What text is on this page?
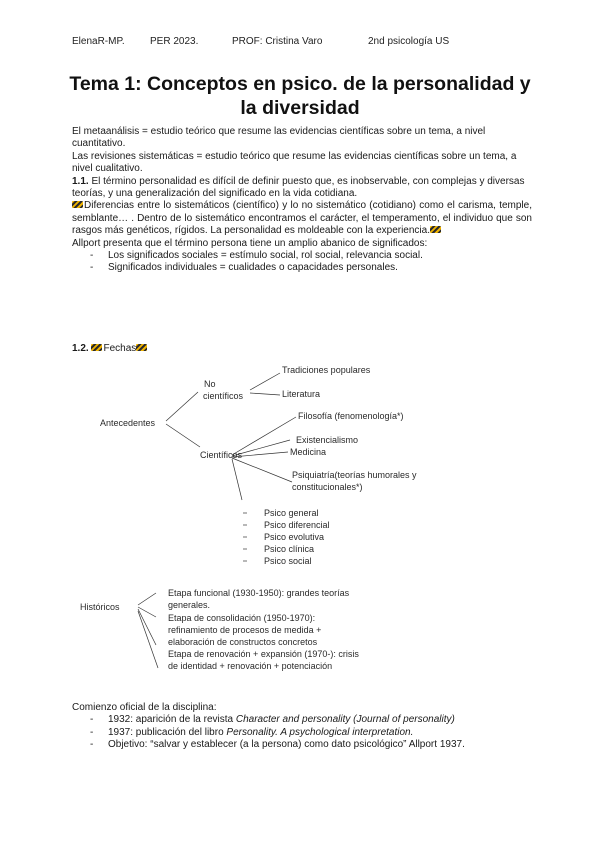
ElenaR-MP.	PER 2023.	PROF: Cristina Varo	2nd psicología US
Tema 1: Conceptos en psico. de la personalidad y la diversidad

El metaanálisis = estudio teórico que resume las evidencias científicas sobre un tema, a nivel cuantitativo.

Las revisiones sistemáticas = estudio teórico que resume las evidencias científicas sobre un tema, a nivel cualitativo.

1.1. El término personalidad es difícil de definir puesto que, es inobservable, con complejas y diversas teorías, y una generalización del significado en la vida cotidiana.

Diferencias entre lo sistemáticos (científico) y lo no sistemático (cotidiano) como el carisma, temple, semblante… . Dentro de lo sistemático encontramos el carácter, el temperamento, el individuo que son rasgos más genéticos, rígidos. La personalidad es moldeable con la experiencia.

Allport presenta que el término persona tiene un amplio abanico de significados:

- Los significados sociales = estímulo social, rol social, relevancia social.
- Significados individuales = cualidades o capacidades personales.
1.2. Fechas
Antecedentes
No
científicos
Tradiciones populares
Literatura
Científicos
Filosofía (fenomenología*)
Existencialismo
Medicina
Psiquiatría(teorías humorales y
constitucionales*)
Psico general
Psico diferencial
Psico evolutiva
Psico clínica
Psico social
Históricos
Etapa funcional (1930-1950): grandes teorías
generales.
Etapa de consolidación (1950-1970):
refinamiento de procesos de medida +
elaboración de constructos concretos
Etapa de renovación + expansión (1970-): crisis
de identidad + renovación + potenciación

Comienzo oficial de la disciplina:

- 1932: aparición de la revista Character and personality (Journal of personality)
- 1937: publicación del libro Personality. A psychological interpretation.
- Objetivo: “salvar y establecer (a la persona) como dato psicológico” Allport 1937.
